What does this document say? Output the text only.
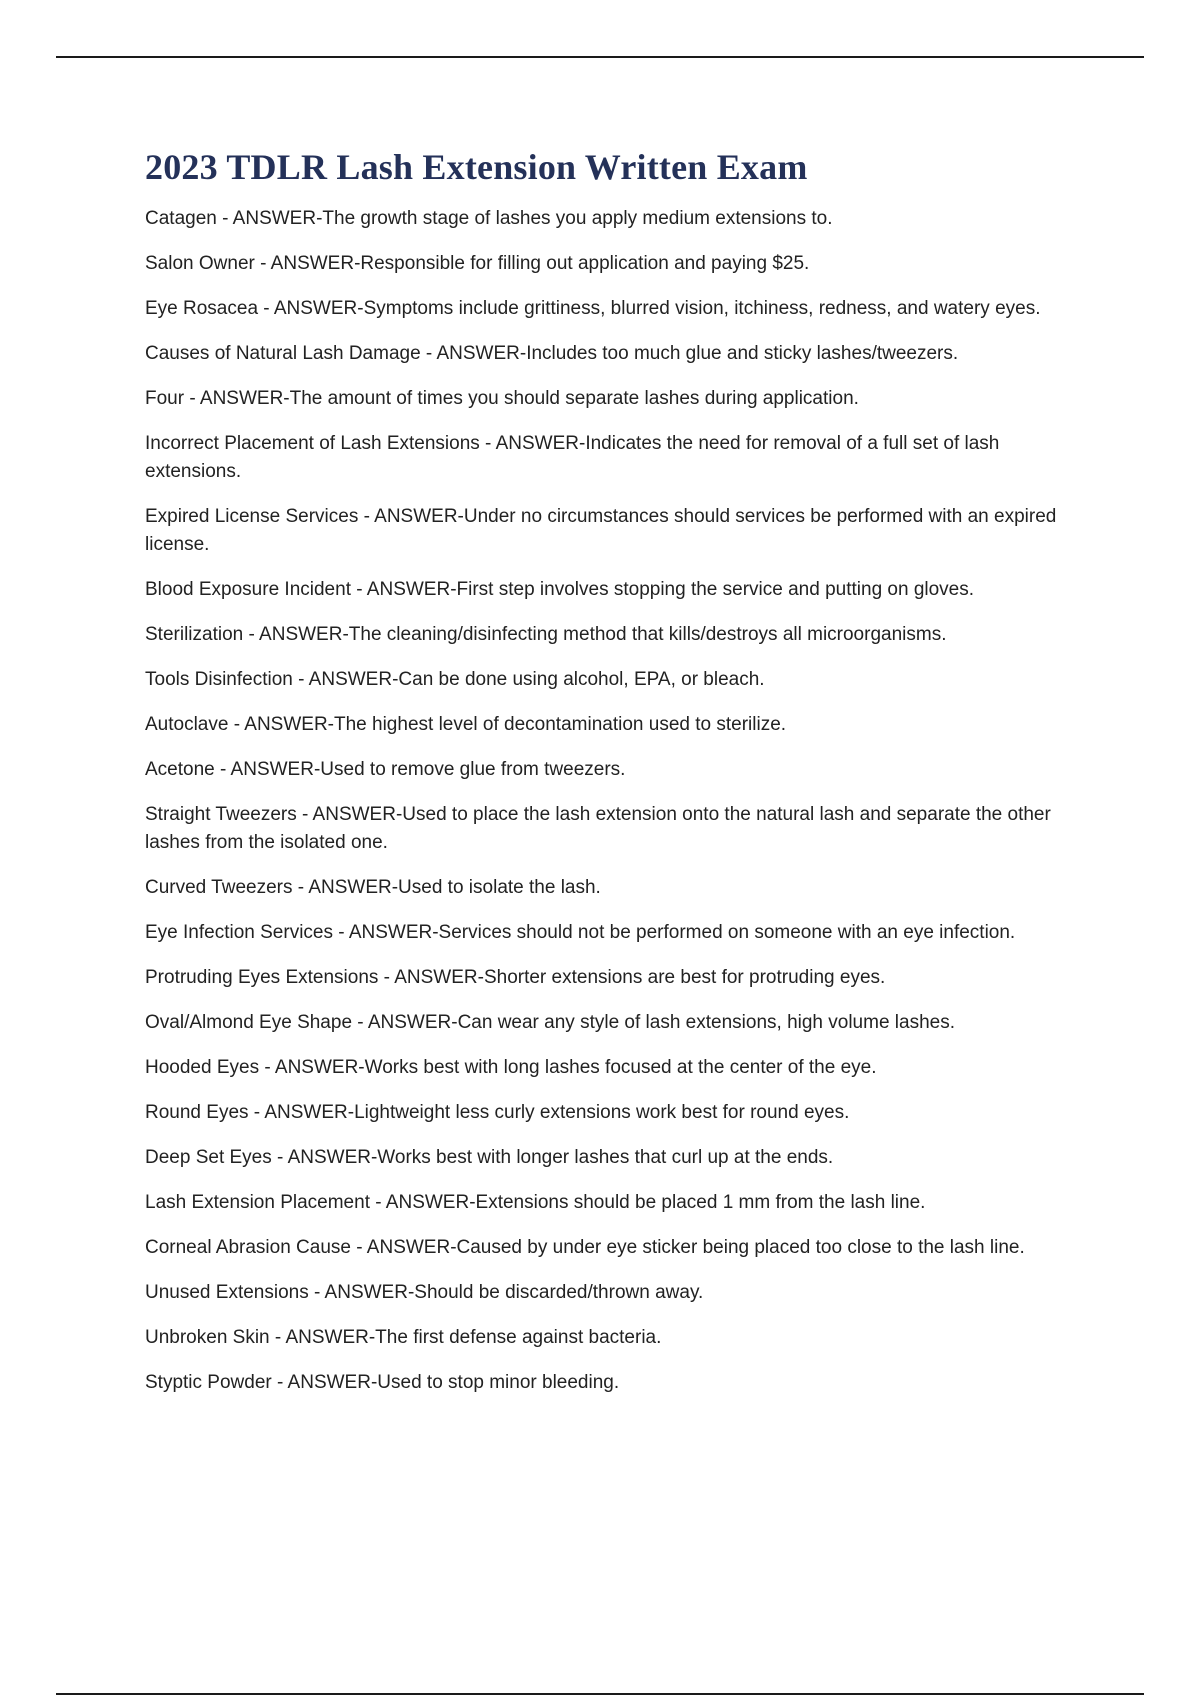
2023 TDLR Lash Extension Written Exam
Catagen - ANSWER-The growth stage of lashes you apply medium extensions to.
Salon Owner - ANSWER-Responsible for filling out application and paying $25.
Eye Rosacea - ANSWER-Symptoms include grittiness, blurred vision, itchiness, redness, and watery eyes.
Causes of Natural Lash Damage - ANSWER-Includes too much glue and sticky lashes/tweezers.
Four - ANSWER-The amount of times you should separate lashes during application.
Incorrect Placement of Lash Extensions - ANSWER-Indicates the need for removal of a full set of lash extensions.
Expired License Services - ANSWER-Under no circumstances should services be performed with an expired license.
Blood Exposure Incident - ANSWER-First step involves stopping the service and putting on gloves.
Sterilization - ANSWER-The cleaning/disinfecting method that kills/destroys all microorganisms.
Tools Disinfection - ANSWER-Can be done using alcohol, EPA, or bleach.
Autoclave - ANSWER-The highest level of decontamination used to sterilize.
Acetone - ANSWER-Used to remove glue from tweezers.
Straight Tweezers - ANSWER-Used to place the lash extension onto the natural lash and separate the other lashes from the isolated one.
Curved Tweezers - ANSWER-Used to isolate the lash.
Eye Infection Services - ANSWER-Services should not be performed on someone with an eye infection.
Protruding Eyes Extensions - ANSWER-Shorter extensions are best for protruding eyes.
Oval/Almond Eye Shape - ANSWER-Can wear any style of lash extensions, high volume lashes.
Hooded Eyes - ANSWER-Works best with long lashes focused at the center of the eye.
Round Eyes - ANSWER-Lightweight less curly extensions work best for round eyes.
Deep Set Eyes - ANSWER-Works best with longer lashes that curl up at the ends.
Lash Extension Placement - ANSWER-Extensions should be placed 1 mm from the lash line.
Corneal Abrasion Cause - ANSWER-Caused by under eye sticker being placed too close to the lash line.
Unused Extensions - ANSWER-Should be discarded/thrown away.
Unbroken Skin - ANSWER-The first defense against bacteria.
Styptic Powder - ANSWER-Used to stop minor bleeding.
